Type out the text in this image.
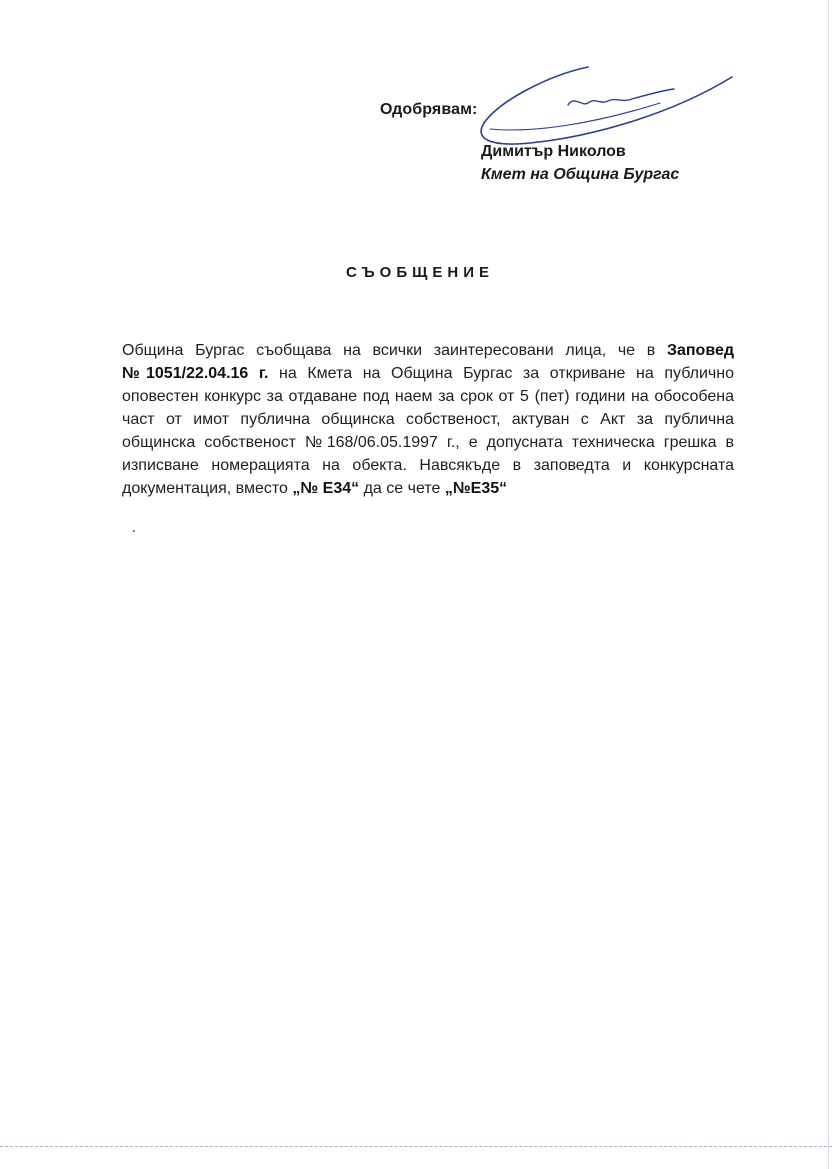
Одобрявам:
Димитър Николов
Кмет на Община Бургас
СЪОБЩЕНИЕ
Община Бургас съобщава на всички заинтересовани лица, че в Заповед №1051/22.04.16 г. на Кмета на Община Бургас за откриване на публично оповестен конкурс за отдаване под наем за срок от 5 (пет) години на обособена част от имот публична общинска собственост, актуван с Акт за публична общинска собственост №168/06.05.1997 г., е допусната техническа грешка в изписване номерацията на обекта. Навсякъде в заповедта и конкурсната документация, вместо „№ Е34“ да се чете „№Е35“
